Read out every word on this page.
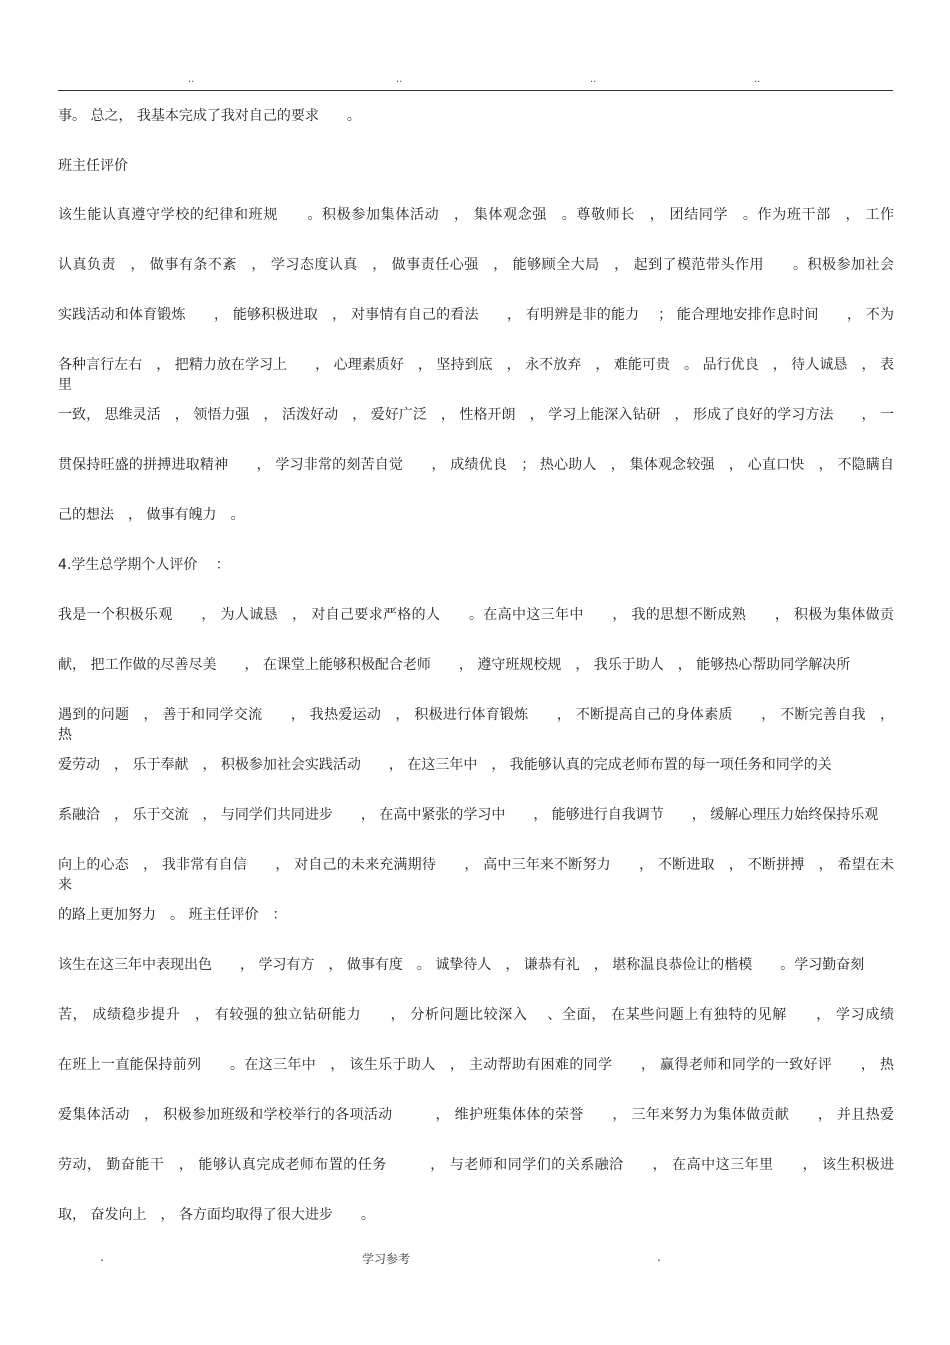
..	..	..	..
事。 总之， 我基本完成了我对自己的要求　　。
班主任评价
该生能认真遵守学校的纪律和班规　　。积极参加集体活动　， 集体观念强　。尊敬师长　， 团结同学　。作为班干部　， 工作
认真负责　， 做事有条不紊　， 学习态度认真　， 做事责任心强　， 能够顾全大局　， 起到了模范带头作用　　。积极参加社会
实践活动和体育锻炼　　， 能够积极进取　， 对事情有自己的看法　　， 有明辨是非的能力　 ； 能合理地安排作息时间　　， 不为
各种言行左右　， 把精力放在学习上　　， 心理素质好　， 坚持到底　， 永不放弃　， 难能可贵　。 品行优良　， 待人诚恳　， 表里
一致， 思维灵活　， 领悟力强　， 活泼好动　， 爱好广泛　， 性格开朗　， 学习上能深入钻研　， 形成了良好的学习方法　　， 一
贯保持旺盛的拼搏进取精神　　， 学习非常的刻苦自觉　　， 成绩优良　； 热心助人　， 集体观念较强　， 心直口快　， 不隐瞒自
己的想法　， 做事有魄力　。
4.学生总学期个人评价　 ：
我是一个积极乐观　　， 为人诚恳　， 对自己要求严格的人　　。在高中这三年中　　， 我的思想不断成熟　　， 积极为集体做贡
献， 把工作做的尽善尽美　　， 在课堂上能够积极配合老师　　， 遵守班规校规　， 我乐于助人　， 能够热心帮助同学解决所
遇到的问题　， 善于和同学交流　　， 我热爱运动　， 积极进行体育锻炼　　， 不断提高自己的身体素质　　， 不断完善自我　， 热
爱劳动　， 乐于奉献　， 积极参加社会实践活动　　， 在这三年中　， 我能够认真的完成老师布置的每一项任务和同学的关
系融洽　， 乐于交流　， 与同学们共同进步　　， 在高中紧张的学习中　　， 能够进行自我调节　　， 缓解心理压力始终保持乐观
向上的心态　， 我非常有自信　　， 对自己的未来充满期待　　， 高中三年来不断努力　　， 不断进取　， 不断拼搏　， 希望在未来
的路上更加努力　。 班主任评价　：
该生在这三年中表现出色　　， 学习有方　， 做事有度　。 诚挚待人　， 谦恭有礼　， 堪称温良恭俭让的楷模　　。学习勤奋刻
苦， 成绩稳步提升　， 有较强的独立钻研能力　　， 分析问题比较深入　 、全面， 在某些问题上有独特的见解　　， 学习成绩
在班上一直能保持前列　　。在这三年中　， 该生乐于助人　， 主动帮助有困难的同学　　， 赢得老师和同学的一致好评　　， 热
爱集体活动　， 积极参加班级和学校举行的各项活动　　　， 维护班集体体的荣誉　　， 三年来努力为集体做贡献　　， 并且热爱
劳动， 勤奋能干　， 能够认真完成老师布置的任务　　　， 与老师和同学们的关系融洽　　， 在高中这三年里　　， 该生积极进
取， 奋发向上　， 各方面均取得了很大进步　　。
.	学习参考	.
